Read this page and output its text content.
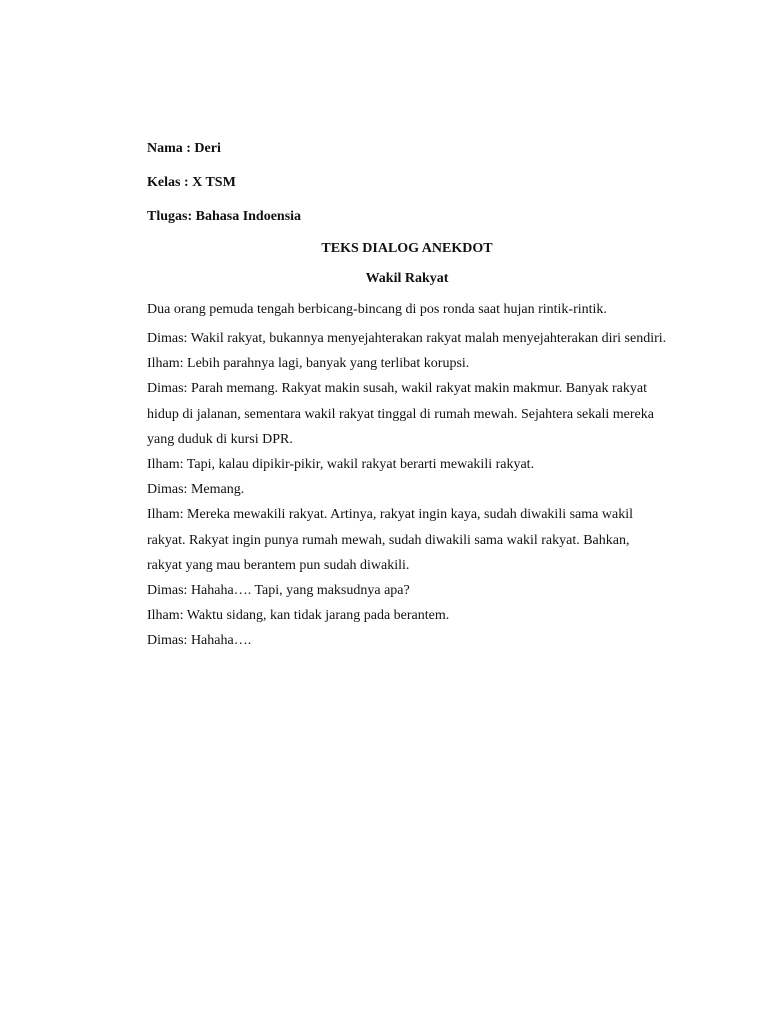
Nama : Deri
Kelas : X TSM
Tlugas: Bahasa Indoensia
TEKS DIALOG ANEKDOT
Wakil Rakyat
Dua orang pemuda tengah berbicang-bincang di pos ronda saat hujan rintik-rintik.

Dimas: Wakil rakyat, bukannya menyejahterakan rakyat malah menyejahterakan diri sendiri.

Ilham: Lebih parahnya lagi, banyak yang terlibat korupsi.

Dimas: Parah memang. Rakyat makin susah, wakil rakyat makin makmur. Banyak rakyat hidup di jalanan, sementara wakil rakyat tinggal di rumah mewah. Sejahtera sekali mereka yang duduk di kursi DPR.

Ilham: Tapi, kalau dipikir-pikir, wakil rakyat berarti mewakili rakyat.

Dimas: Memang.

Ilham: Mereka mewakili rakyat. Artinya, rakyat ingin kaya, sudah diwakili sama wakil rakyat. Rakyat ingin punya rumah mewah, sudah diwakili sama wakil rakyat. Bahkan, rakyat yang mau berantem pun sudah diwakili.

Dimas: Hahaha…. Tapi, yang maksudnya apa?

Ilham: Waktu sidang, kan tidak jarang pada berantem.

Dimas: Hahaha….
